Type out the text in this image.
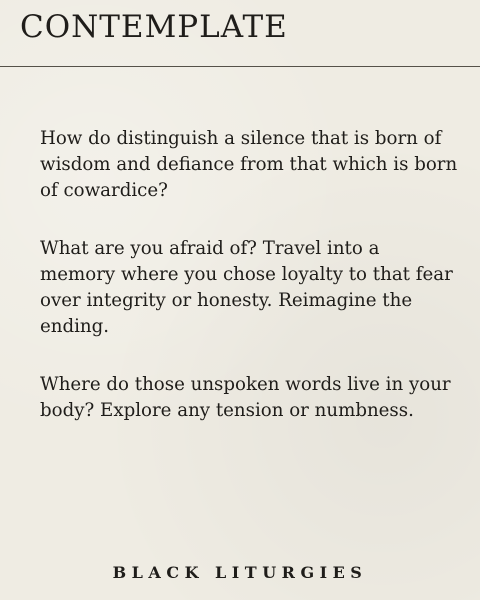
CONTEMPLATE

How do distinguish a silence that is born of wisdom and defiance from that which is born of cowardice?

What are you afraid of? Travel into a memory where you chose loyalty to that fear over integrity or honesty. Reimagine the ending.

Where do those unspoken words live in your body? Explore any tension or numbness.

BLACK LITURGIES
